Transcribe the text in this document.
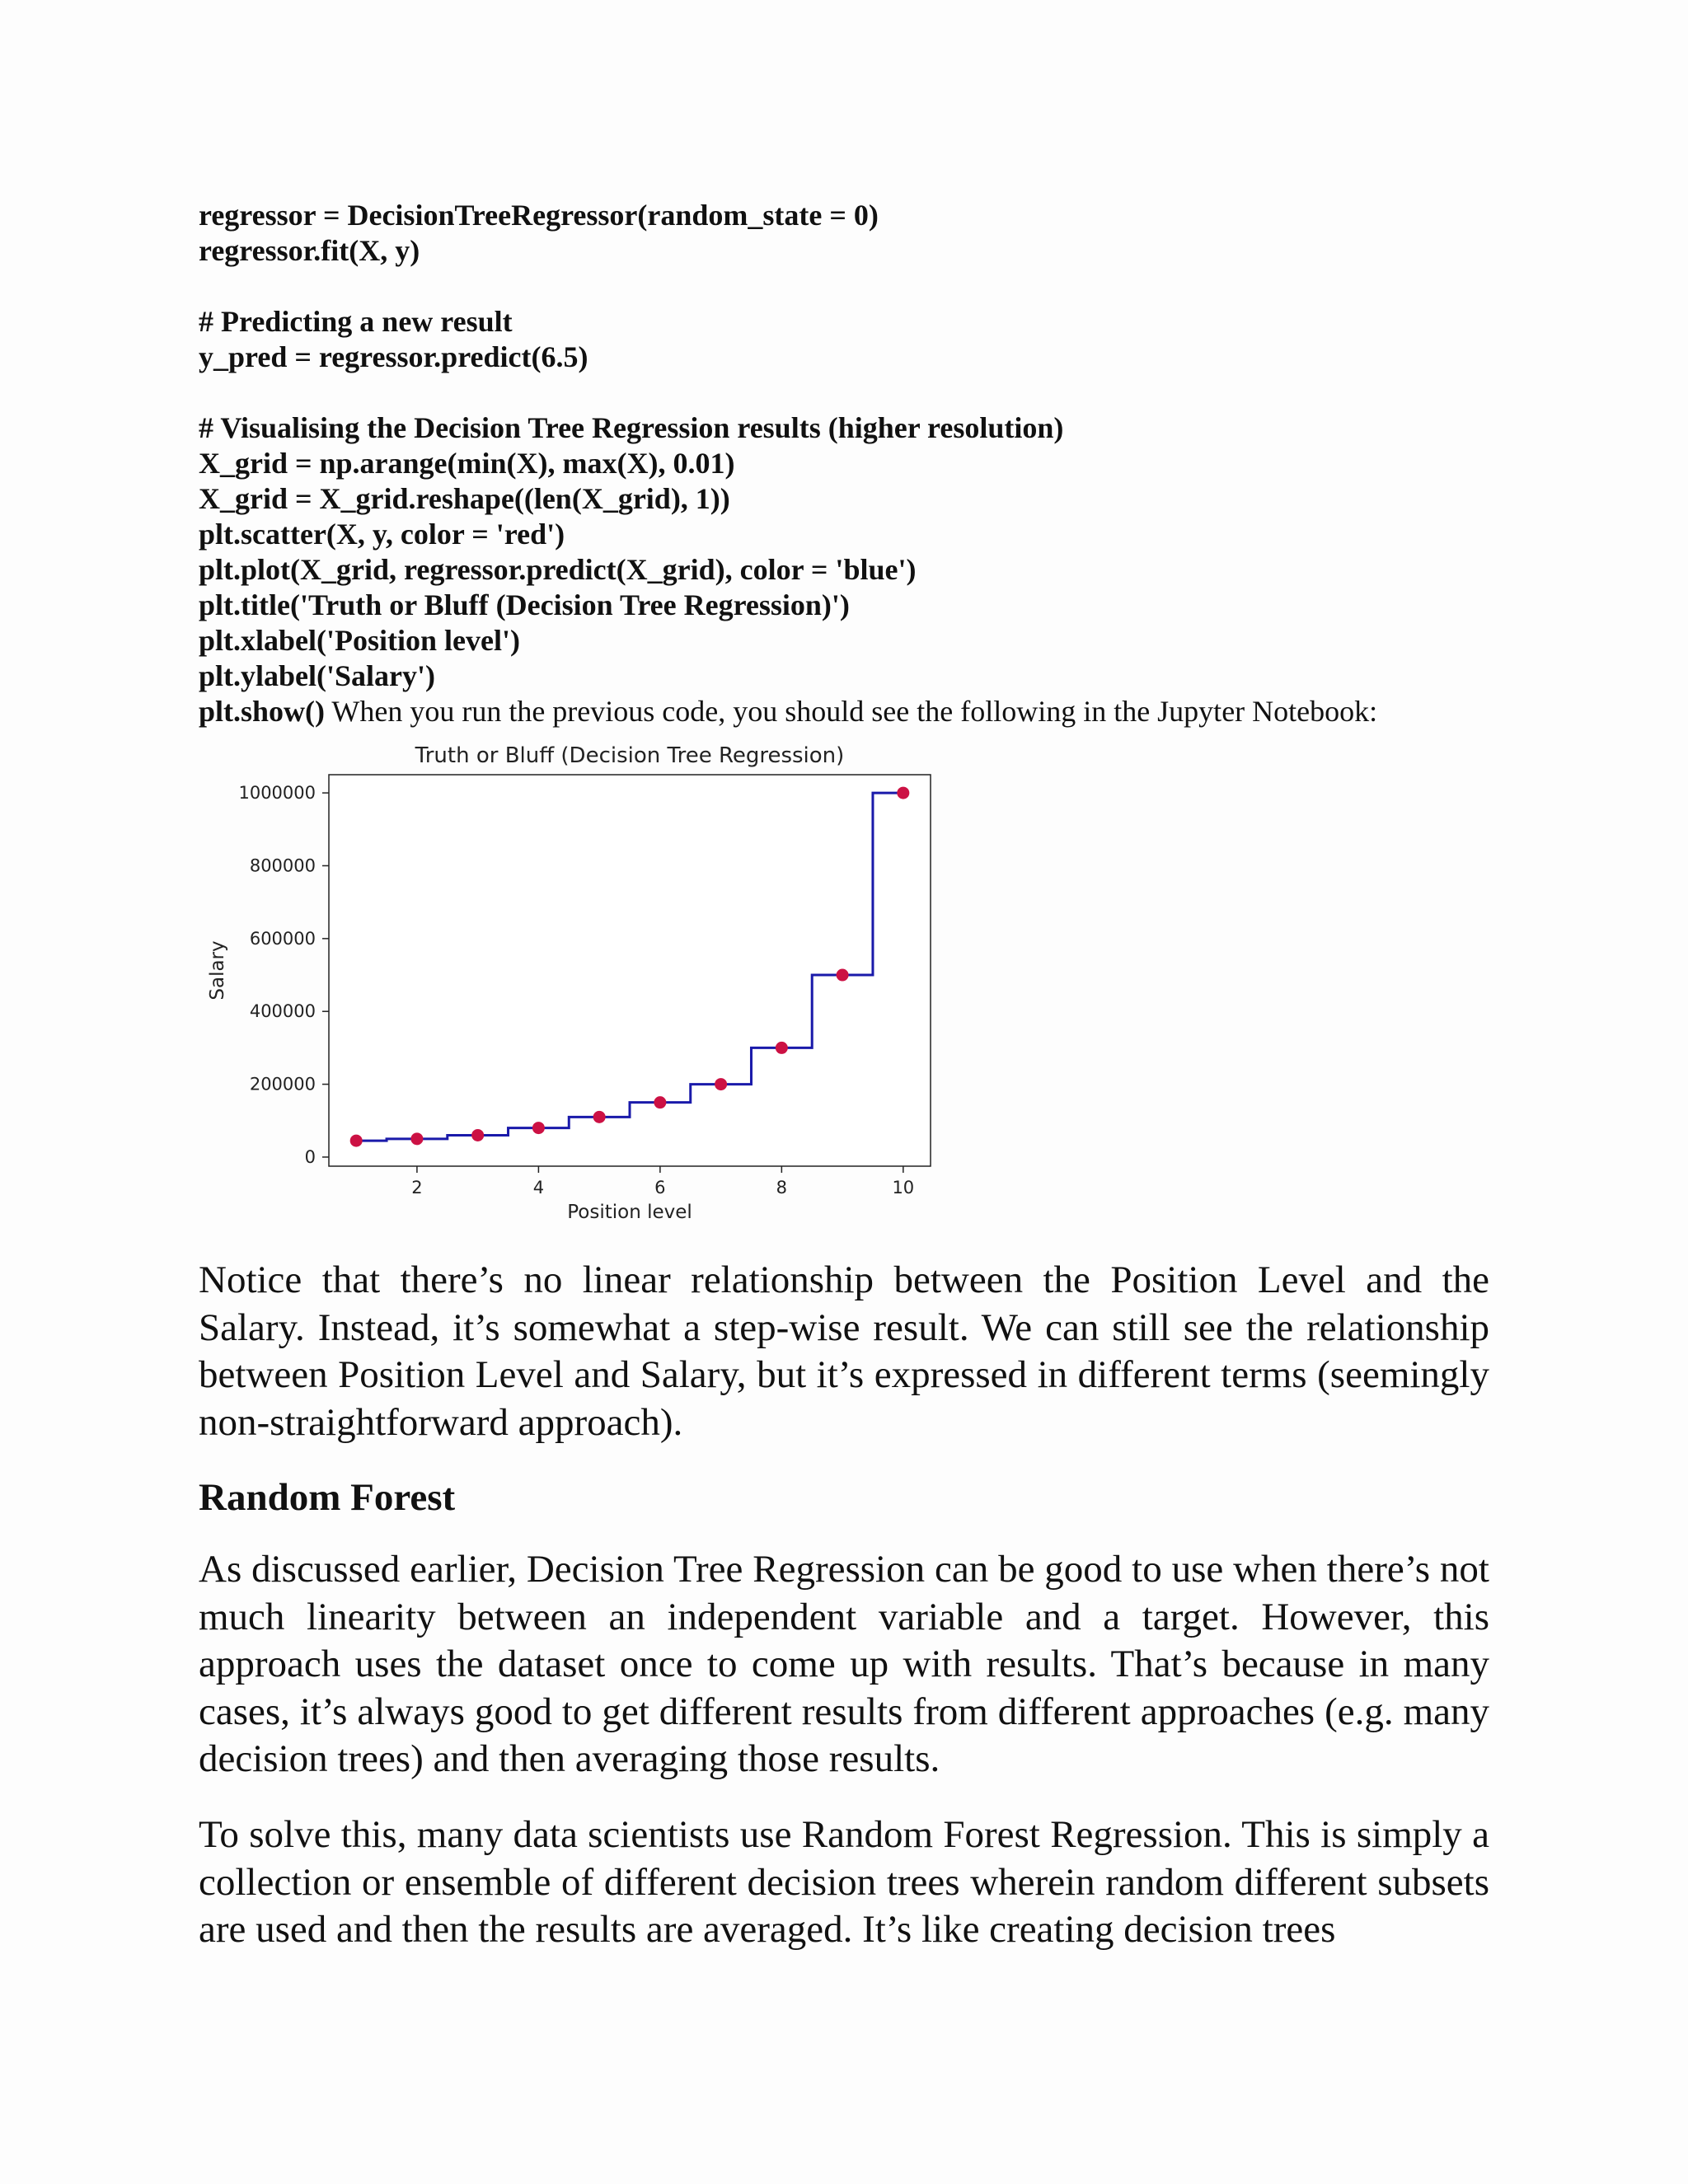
regressor = DecisionTreeRegressor(random_state = 0)
regressor.fit(X, y)
# Predicting a new result
y_pred = regressor.predict(6.5)
# Visualising the Decision Tree Regression results (higher resolution)
X_grid = np.arange(min(X), max(X), 0.01)
X_grid = X_grid.reshape((len(X_grid), 1))
plt.scatter(X, y, color = 'red')
plt.plot(X_grid, regressor.predict(X_grid), color = 'blue')
plt.title('Truth or Bluff (Decision Tree Regression)')
plt.xlabel('Position level')
plt.ylabel('Salary')
plt.show() When you run the previous code, you should see the following in the Jupyter Notebook:
Truth or Bluff (Decision Tree Regression)
2	4	6	8	10
0
200000
400000
600000
800000
1000000
Position level
Salary

Notice that there’s no linear relationship between the Position Level and the Salary. Instead, it’s somewhat a step-wise result. We can still see the relationship between Position Level and Salary, but it’s expressed in different terms (seemingly non-straightforward approach).

Random Forest

As discussed earlier, Decision Tree Regression can be good to use when there’s not much linearity between an independent variable and a target. However, this approach uses the dataset once to come up with results. That’s because in many cases, it’s always good to get different results from different approaches (e.g. many decision trees) and then averaging those results.

To solve this, many data scientists use Random Forest Regression. This is simply a collection or ensemble of different decision trees wherein random different subsets are used and then the results are averaged. It’s like creating decision trees
